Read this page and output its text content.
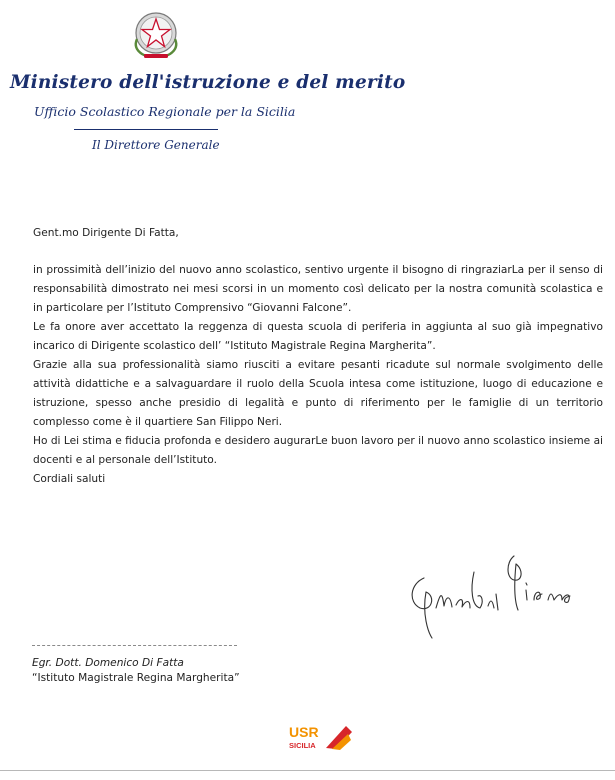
Ministero dell'istruzione e del merito
Ufficio Scolastico Regionale per la Sicilia
Il Direttore Generale

Gent.mo Dirigente Di Fatta,

in prossimità dell’inizio del nuovo anno scolastico, sentivo urgente il bisogno di ringraziarLa per il senso di responsabilità dimostrato nei mesi scorsi in un momento così delicato per la nostra comunità scolastica e in particolare per l’Istituto Comprensivo “Giovanni Falcone”.

Le fa onore aver accettato la reggenza di questa scuola di periferia in aggiunta al suo già impegnativo incarico di Dirigente scolastico dell’ “Istituto Magistrale Regina Margherita”.

Grazie alla sua professionalità siamo riusciti a evitare pesanti ricadute sul normale svolgimento delle attività didattiche e a salvaguardare il ruolo della Scuola intesa come istituzione, luogo di educazione e istruzione, spesso anche presidio di legalità e punto di riferimento per le famiglie di un territorio complesso come è il quartiere San Filippo Neri.

Ho di Lei stima e fiducia profonda e desidero augurarLe buon lavoro per il nuovo anno scolastico insieme ai docenti e al personale dell’Istituto.

Cordiali saluti

Egr. Dott. Domenico Di Fatta
“Istituto Magistrale Regina Margherita”
USR
SICILIA
